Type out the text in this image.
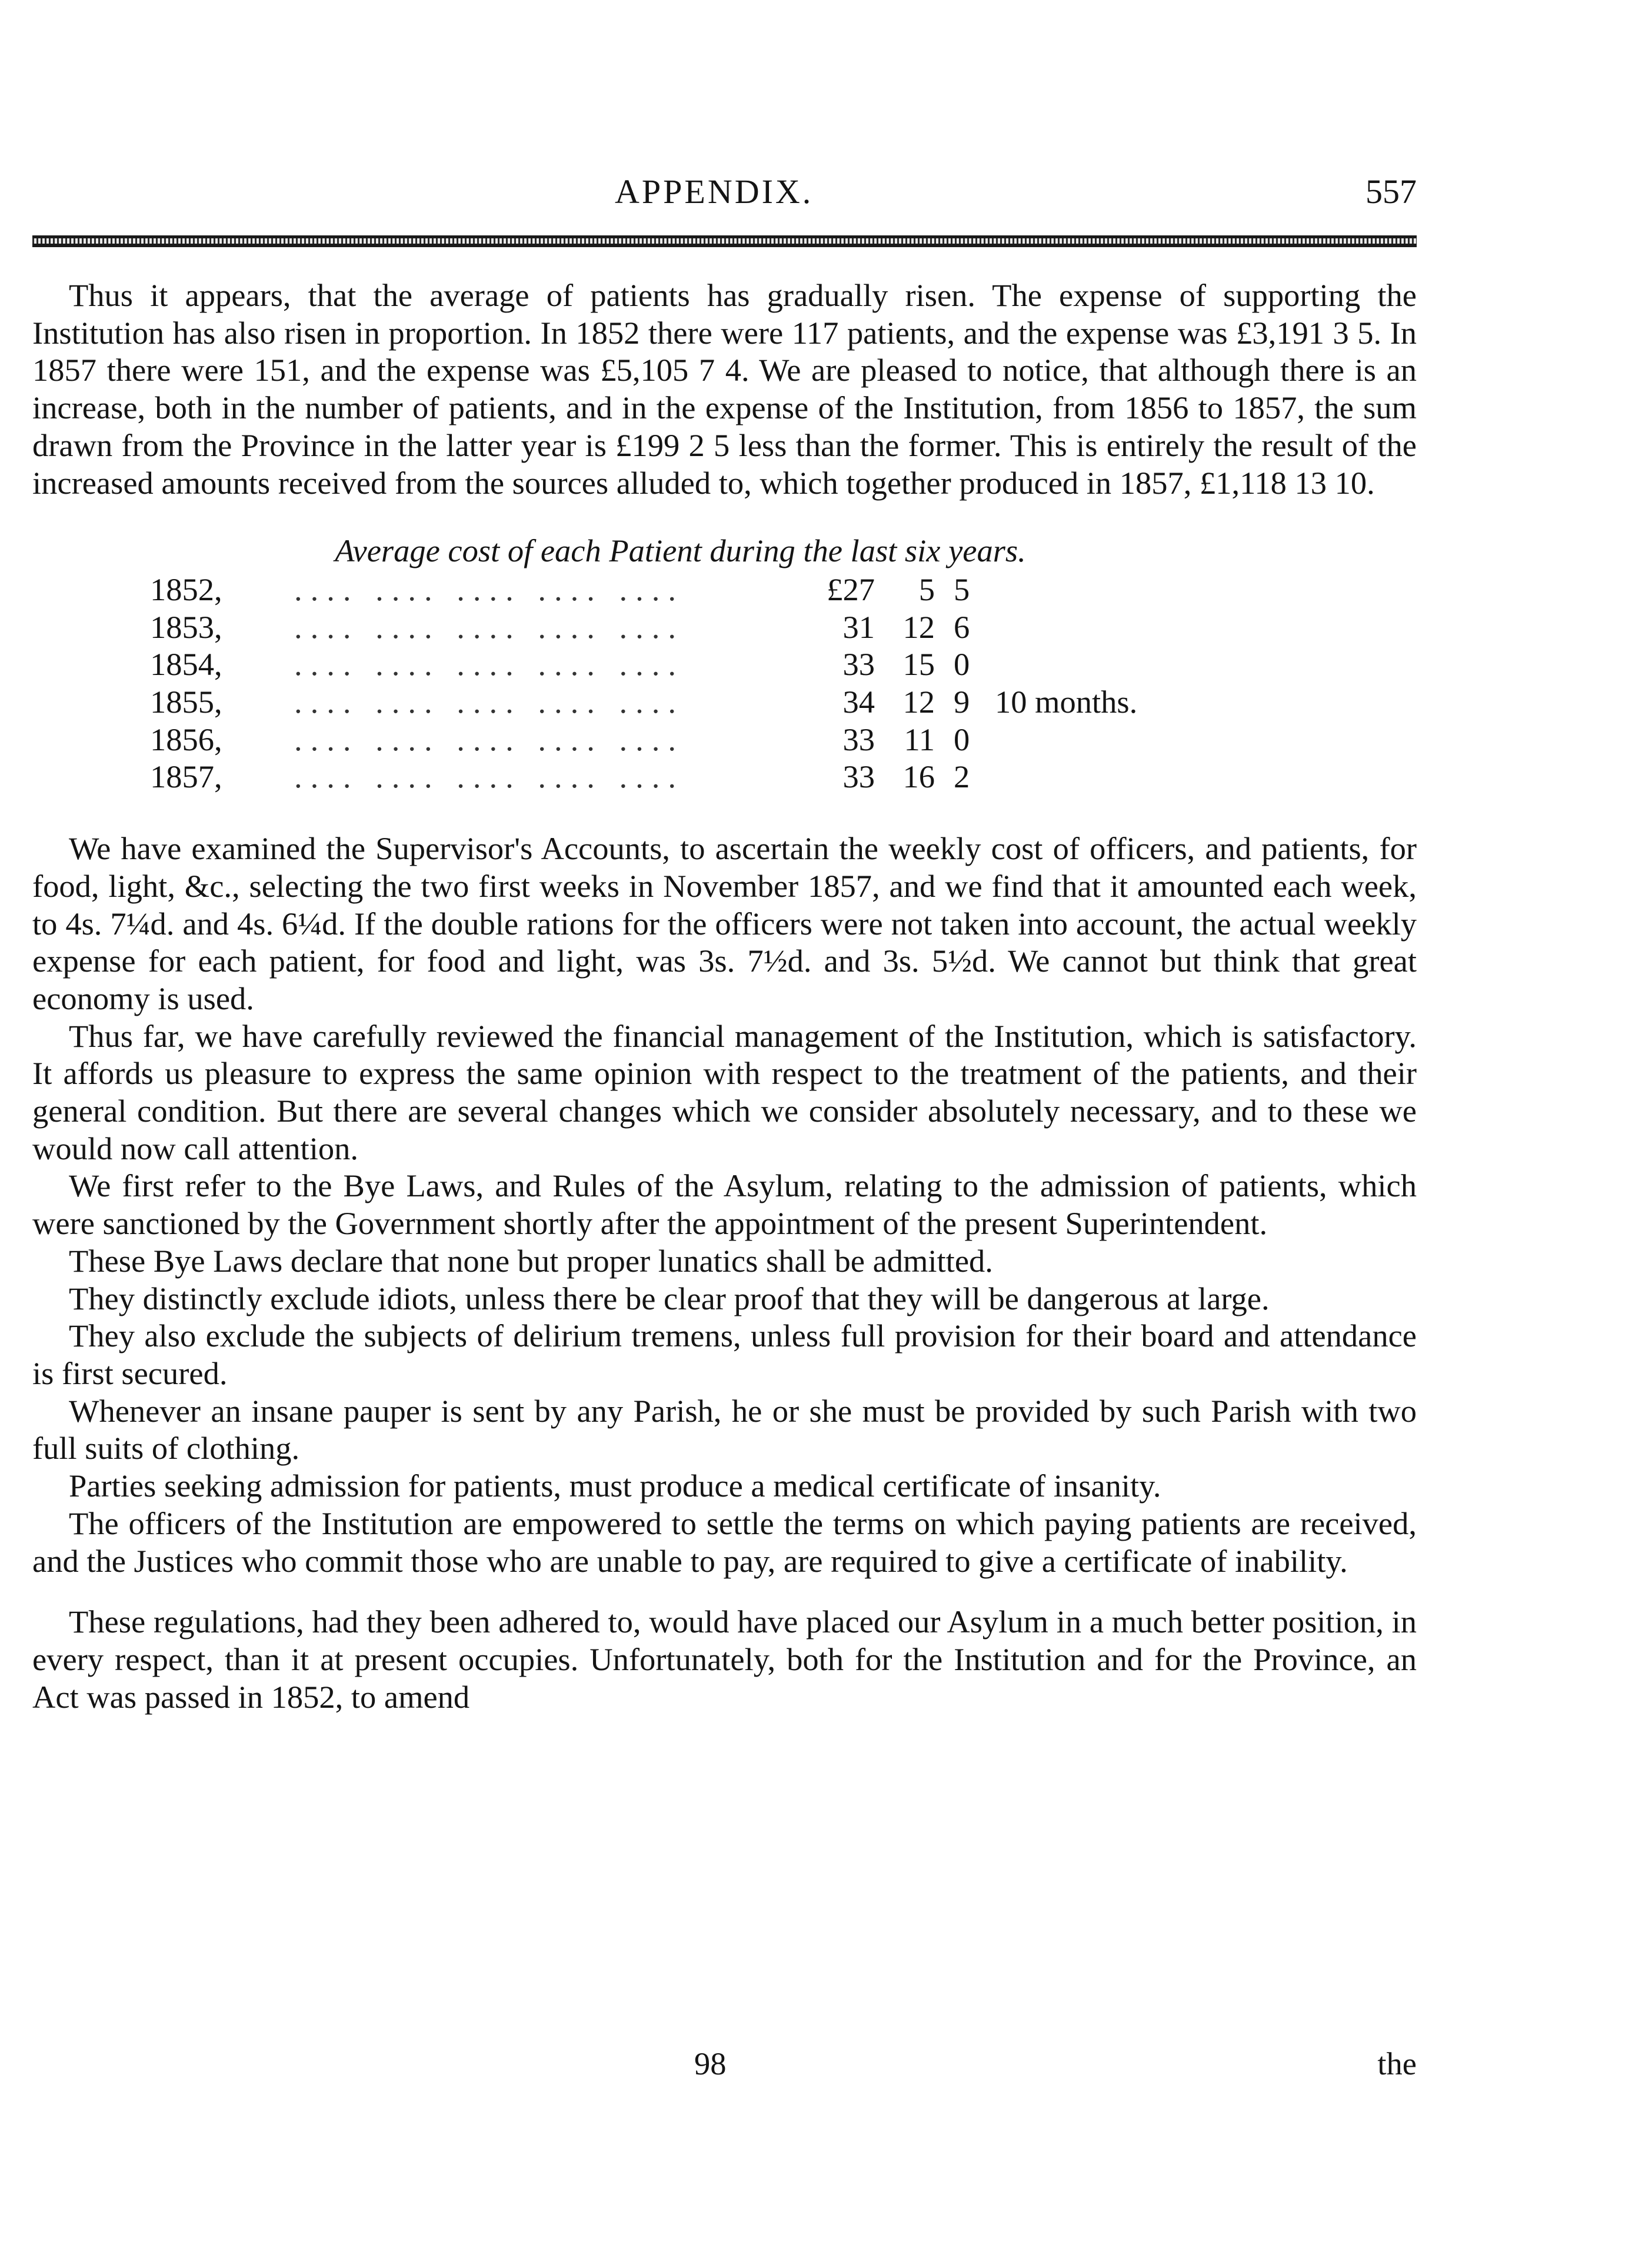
APPENDIX.	557

Thus it appears, that the average of patients has gradually risen. The expense of supporting the Institution has also risen in proportion. In 1852 there were 117 patients, and the expense was £3,191 3 5. In 1857 there were 151, and the expense was £5,105 7 4. We are pleased to notice, that although there is an increase, both in the number of patients, and in the expense of the Institution, from 1856 to 1857, the sum drawn from the Province in the latter year is £199 2 5 less than the former. This is entirely the result of the increased amounts received from the sources alluded to, which together produced in 1857, £1,118 13 10.

Average cost of each Patient during the last six years.
1852,	.... .... .... .... ....	£27	5	5	
1853,	.... .... .... .... ....	31	12	6	
1854,	.... .... .... .... ....	33	15	0	
1855,	.... .... .... .... ....	34	12	9	10 months.
1856,	.... .... .... .... ....	33	11	0	
1857,	.... .... .... .... ....	33	16	2	

We have examined the Supervisor's Accounts, to ascertain the weekly cost of officers, and patients, for food, light, &c., selecting the two first weeks in November 1857, and we find that it amounted each week, to 4s. 7¼d. and 4s. 6¼d. If the double rations for the officers were not taken into account, the actual weekly expense for each patient, for food and light, was 3s. 7½d. and 3s. 5½d. We cannot but think that great economy is used.

Thus far, we have carefully reviewed the financial management of the Institution, which is satisfactory. It affords us pleasure to express the same opinion with respect to the treatment of the patients, and their general condition. But there are several changes which we consider absolutely necessary, and to these we would now call attention.

We first refer to the Bye Laws, and Rules of the Asylum, relating to the admission of patients, which were sanctioned by the Government shortly after the appointment of the present Superintendent.

These Bye Laws declare that none but proper lunatics shall be admitted.

They distinctly exclude idiots, unless there be clear proof that they will be dangerous at large.

They also exclude the subjects of delirium tremens, unless full provision for their board and attendance is first secured.

Whenever an insane pauper is sent by any Parish, he or she must be provided by such Parish with two full suits of clothing.

Parties seeking admission for patients, must produce a medical certificate of insanity.

The officers of the Institution are empowered to settle the terms on which paying patients are received, and the Justices who commit those who are unable to pay, are required to give a certificate of inability.

These regulations, had they been adhered to, would have placed our Asylum in a much better position, in every respect, than it at present occupies. Unfortunately, both for the Institution and for the Province, an Act was passed in 1852, to amend

98	the
